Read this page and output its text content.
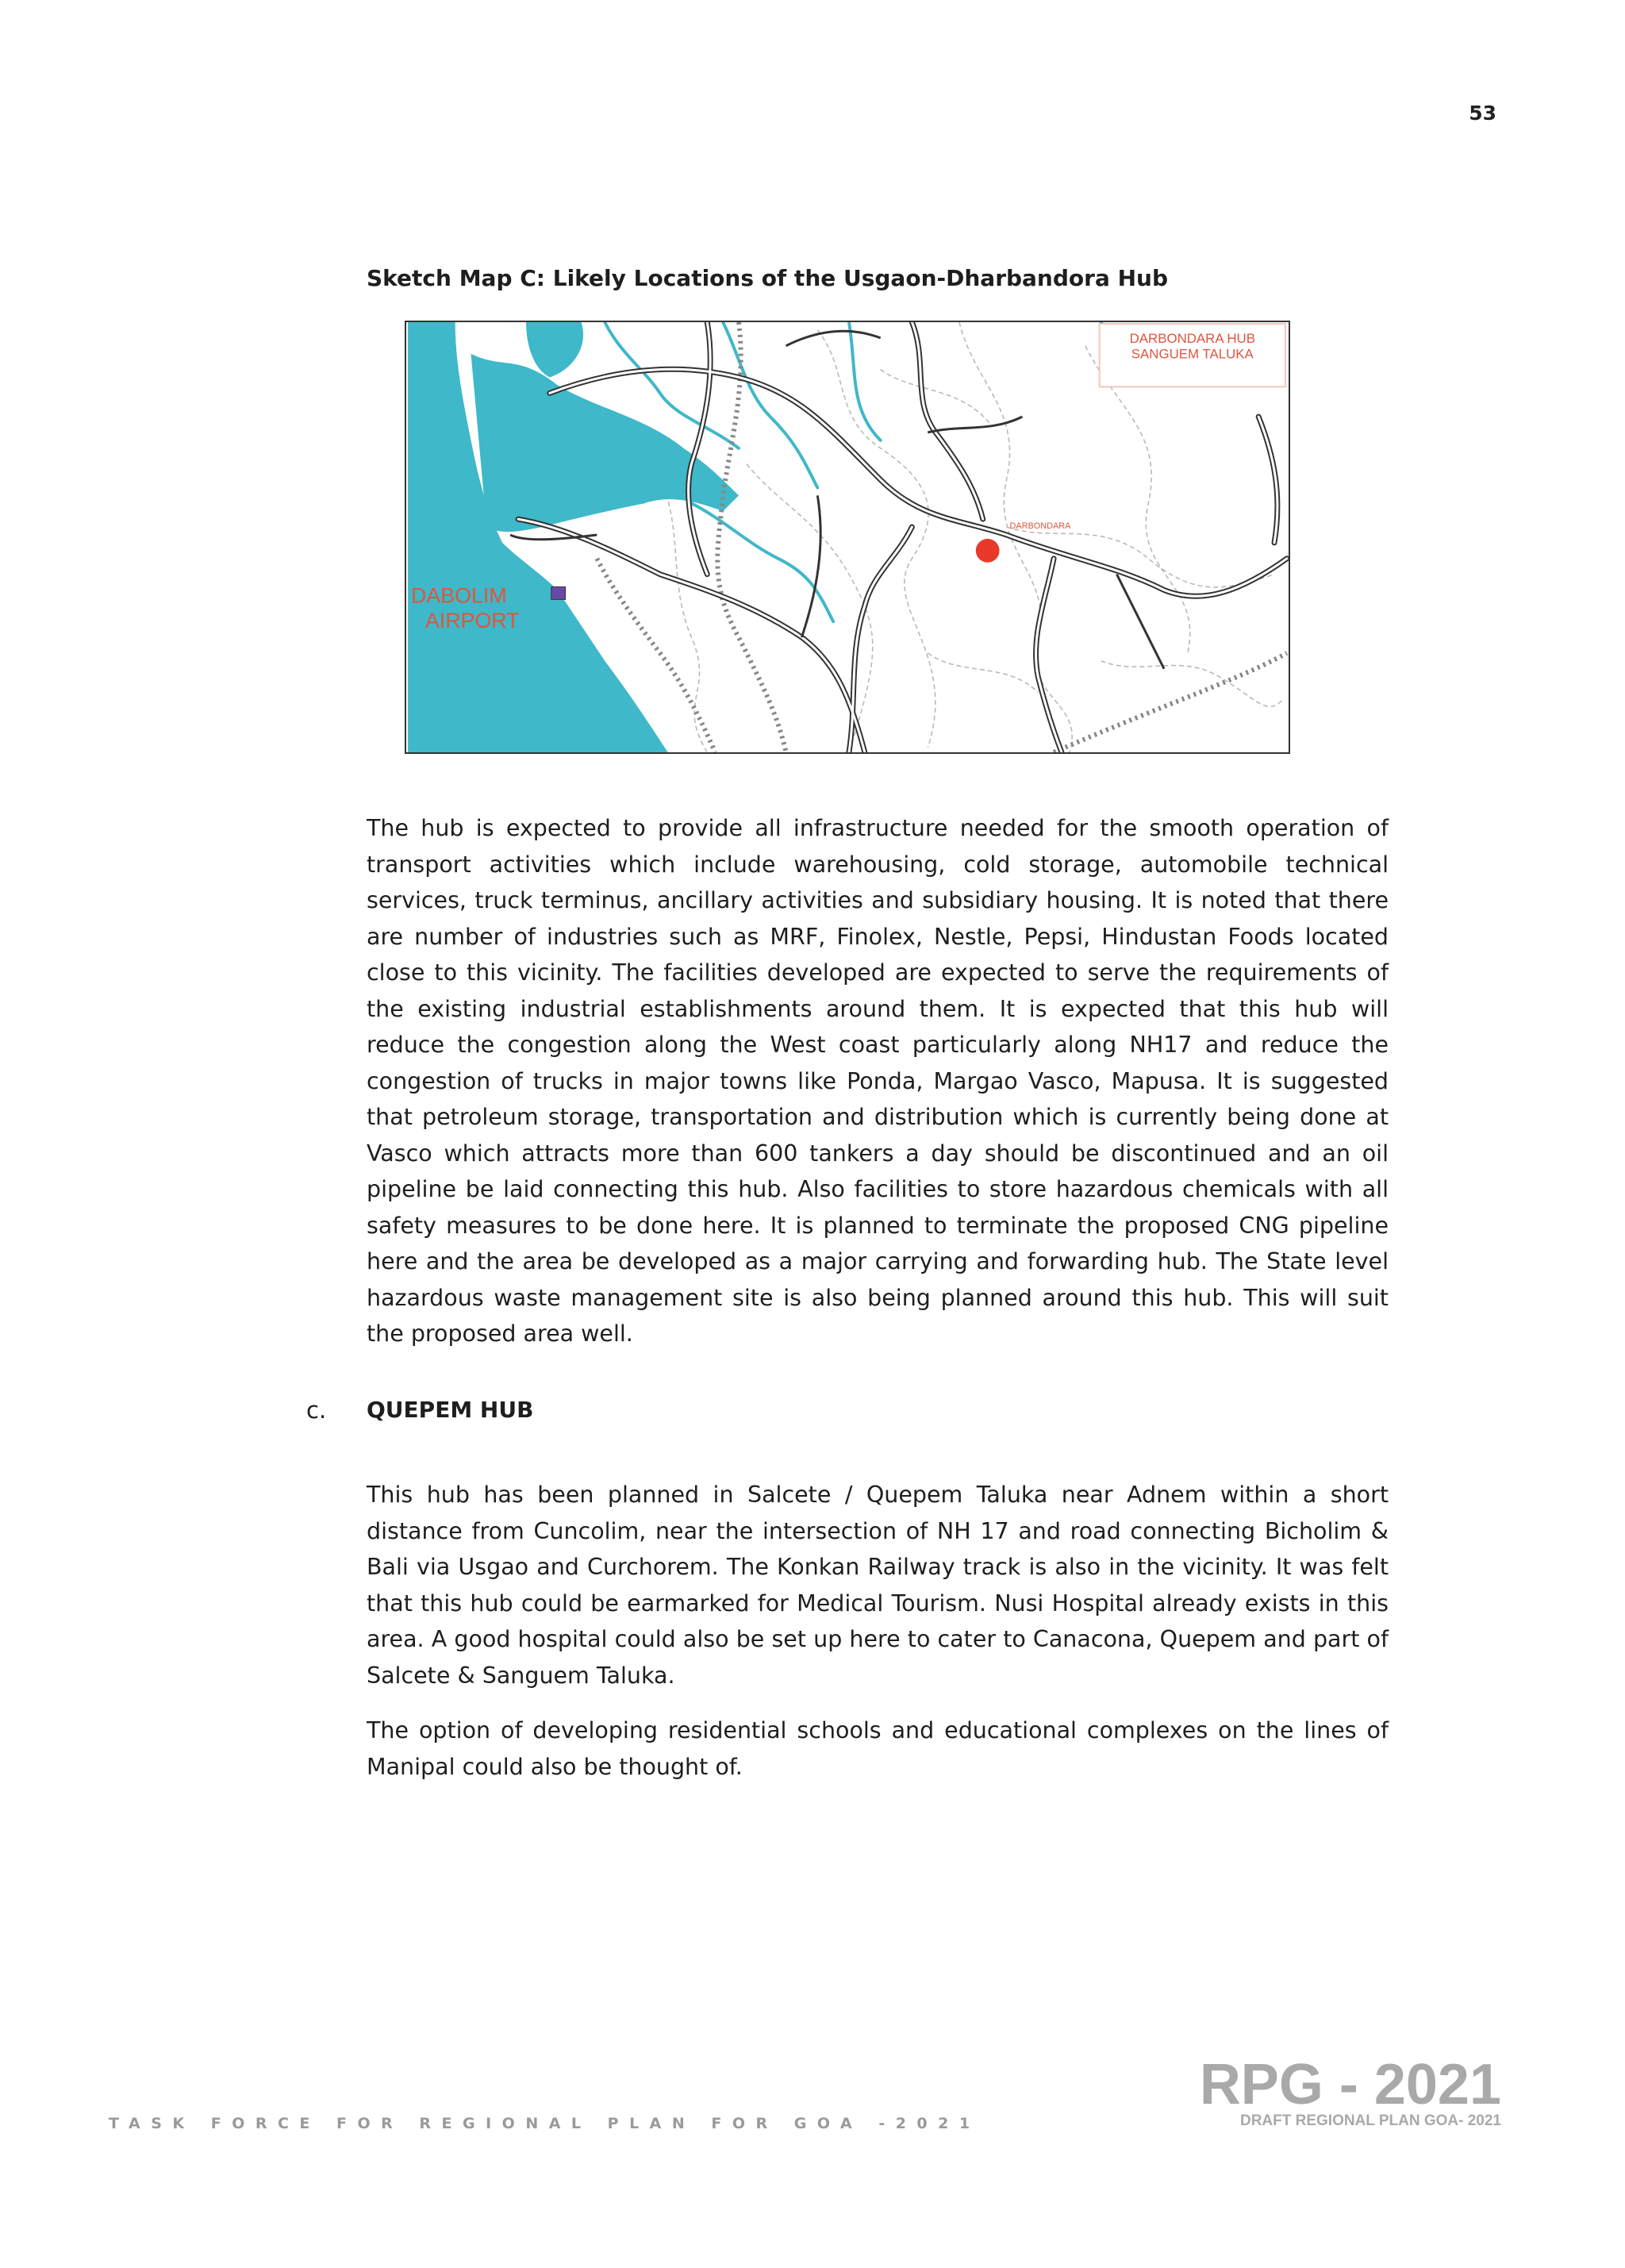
53
Sketch Map C: Likely Locations of the Usgaon-Dharbandora Hub
DARBONDARA HUB
SANGUEM TALUKA
DARBONDARA
DABOLIM
AIRPORT

The hub is expected to provide all infrastructure needed for the smooth operation of transport activities which include warehousing, cold storage, automobile technical services, truck terminus, ancillary activities and subsidiary housing. It is noted that there are number of industries such as MRF, Finolex, Nestle, Pepsi, Hindustan Foods located close to this vicinity. The facilities developed are expected to serve the requirements of the existing industrial establishments around them. It is expected that this hub will reduce the congestion along the West coast particularly along NH17 and reduce the congestion of trucks in major towns like Ponda, Margao Vasco, Mapusa. It is suggested that petroleum storage, transportation and distribution which is currently being done at Vasco which attracts more than 600 tankers a day should be discontinued and an oil pipeline be laid connecting this hub. Also facilities to store hazardous chemicals with all safety measures to be done here. It is planned to terminate the proposed CNG pipeline here and the area be developed as a major carrying and forwarding hub. The State level hazardous waste management site is also being planned around this hub. This will suit the proposed area well.

c. QUEPEM HUB

This hub has been planned in Salcete / Quepem Taluka near Adnem within a short distance from Cuncolim, near the intersection of NH 17 and road connecting Bicholim & Bali via Usgao and Curchorem. The Konkan Railway track is also in the vicinity. It was felt that this hub could be earmarked for Medical Tourism. Nusi Hospital already exists in this area. A good hospital could also be set up here to cater to Canacona, Quepem and part of Salcete & Sanguem Taluka.

The option of developing residential schools and educational complexes on the lines of Manipal could also be thought of.

TASK FORCE FOR REGIONAL PLAN FOR GOA -2021
RPG - 2021
DRAFT REGIONAL PLAN GOA- 2021
